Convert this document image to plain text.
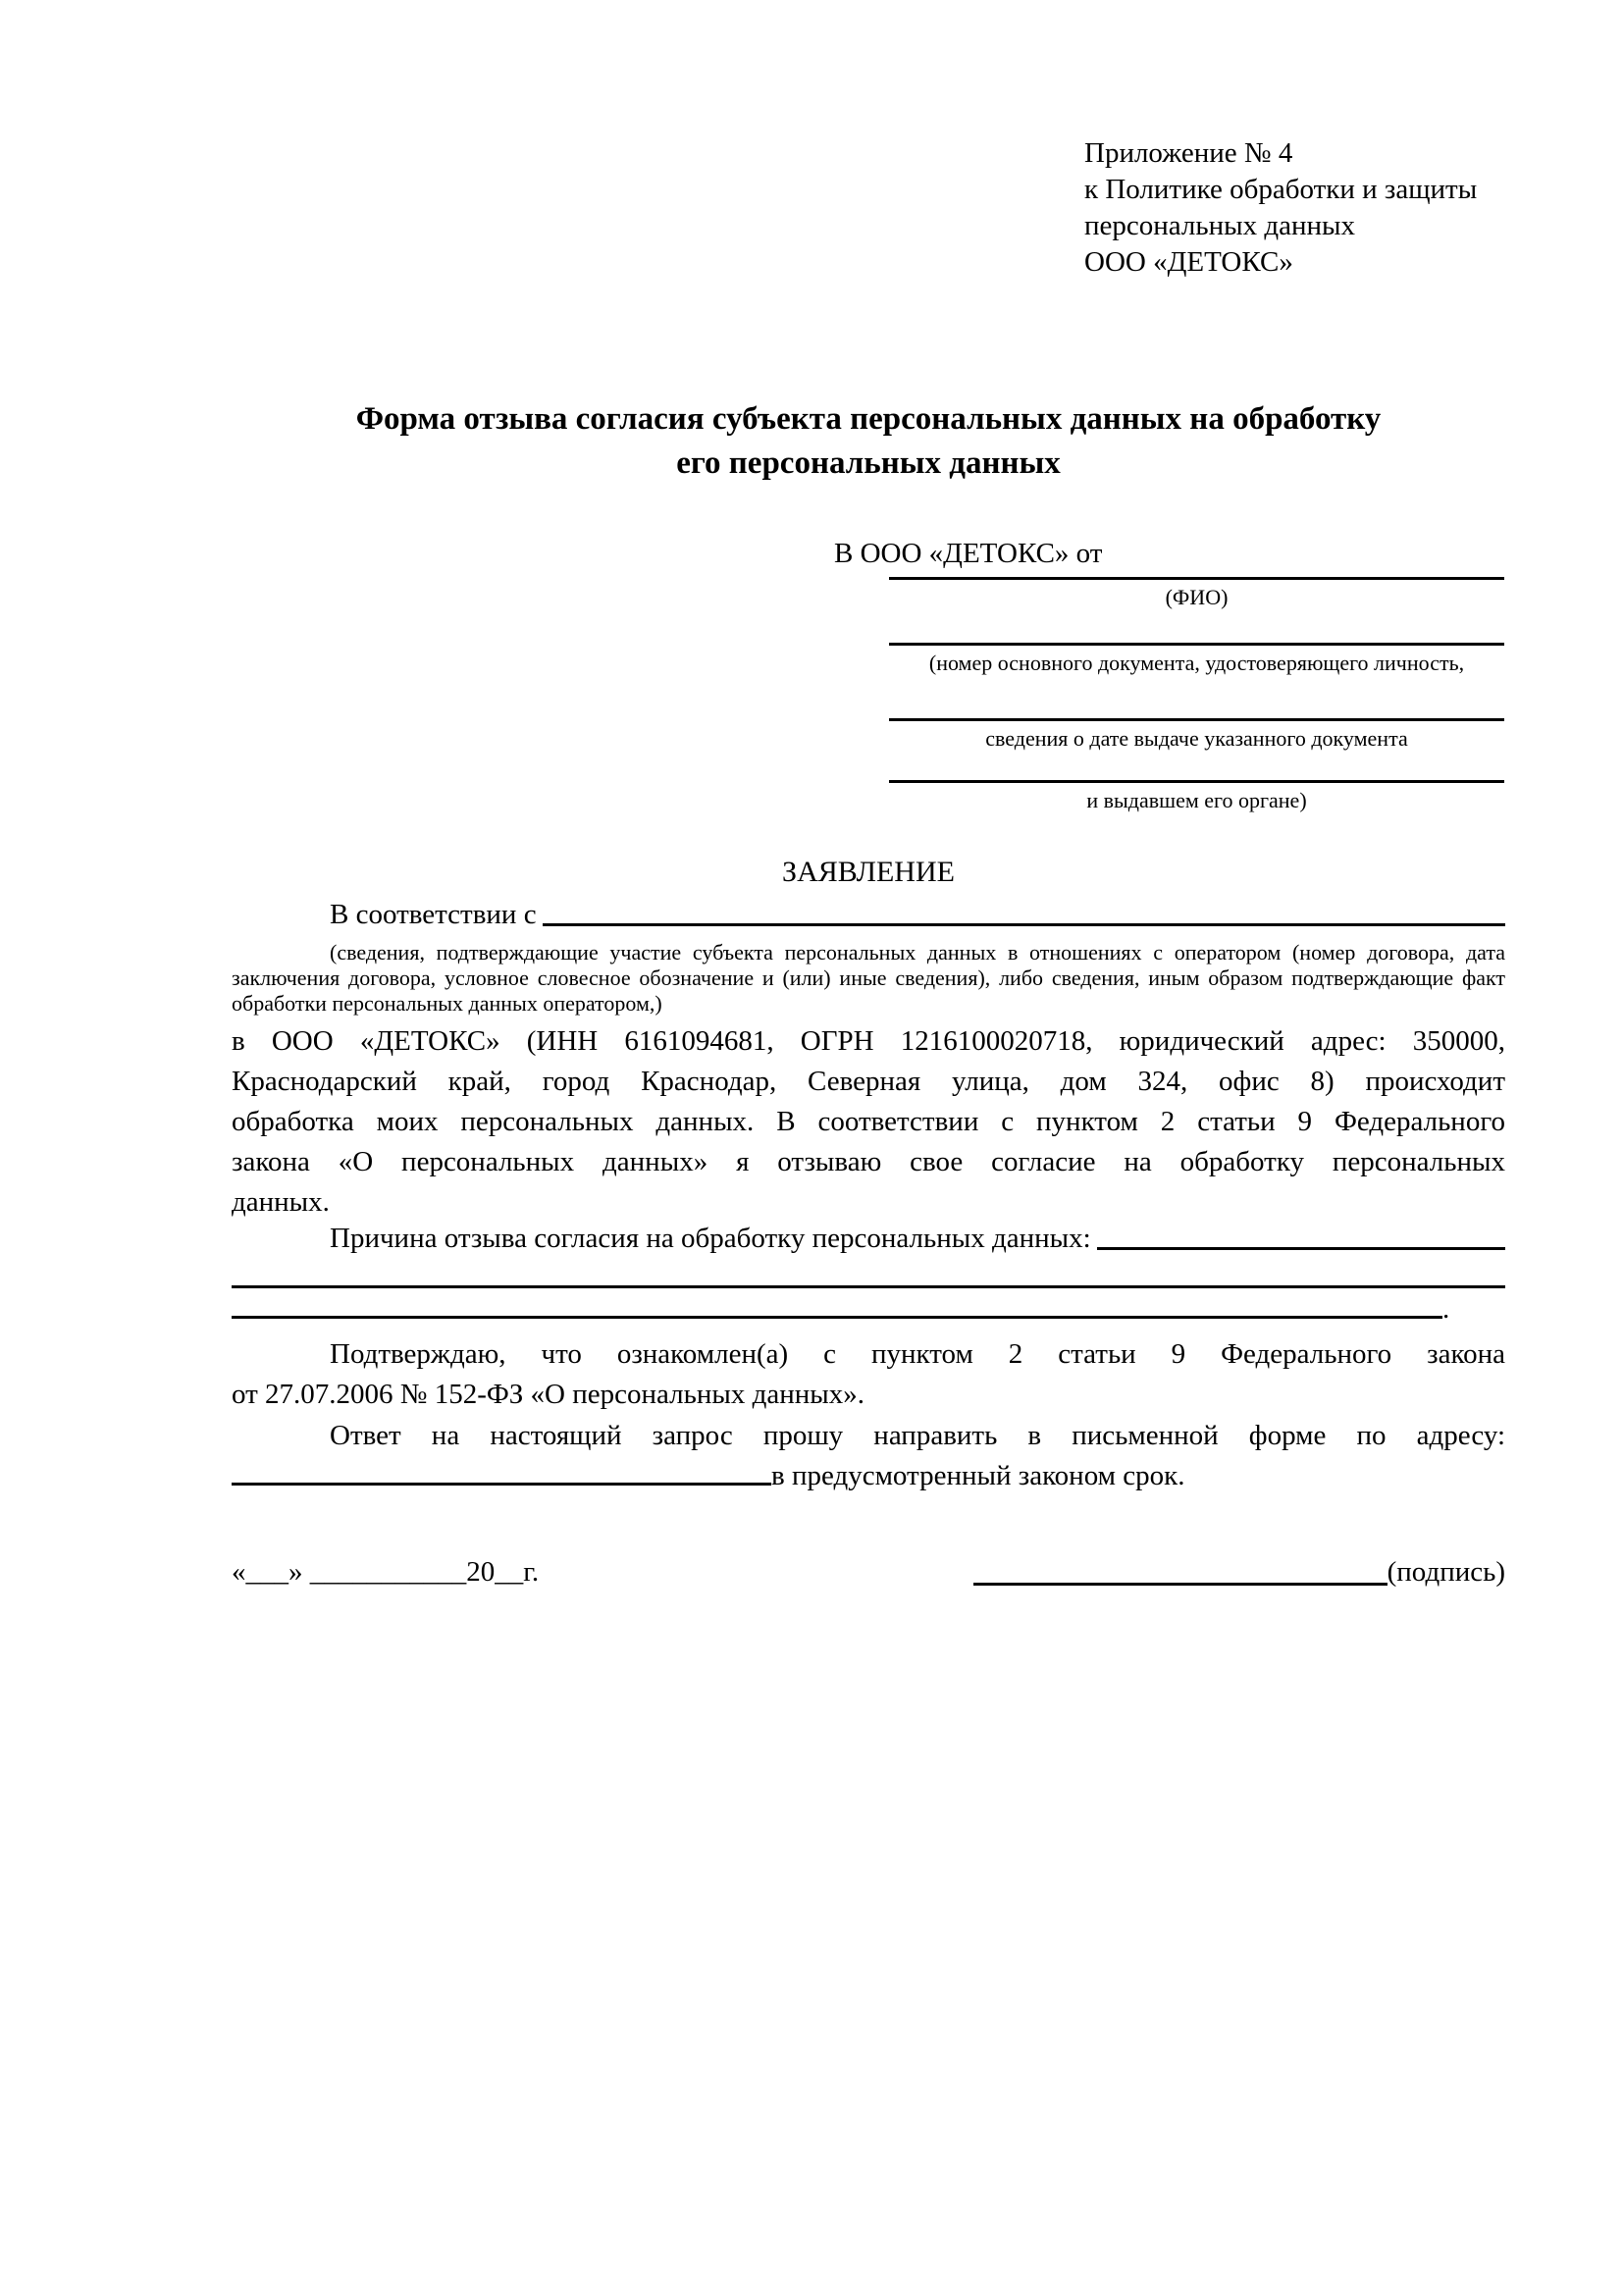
Приложение № 4
к Политике обработки и защиты
персональных данных
ООО «ДЕТОКС»
Форма отзыва согласия субъекта персональных данных на обработку
его персональных данных
В ООО «ДЕТОКС» от
(ФИО)
(номер основного документа, удостоверяющего личность,
сведения о дате выдаче указанного документа
и выдавшем его органе)
ЗАЯВЛЕНИЕ
В соответствии с
(сведения, подтверждающие участие субъекта персональных данных в отношениях с оператором (номер договора, дата
заключения договора, условное словесное обозначение и (или) иные сведения), либо сведения, иным образом подтверждающие факт
обработки персональных данных оператором,)
в ООО «ДЕТОКС» (ИНН 6161094681, ОГРН 1216100020718, юридический адрес: 350000,
Краснодарский край, город Краснодар, Северная улица, дом 324, офис 8) происходит
обработка моих персональных данных. В соответствии с пунктом 2 статьи 9 Федерального
закона «О персональных данных» я отзываю свое согласие на обработку персональных
данных.
Причина отзыва согласия на обработку персональных данных:
.
Подтверждаю, что ознакомлен(а) с пунктом 2 статьи 9 Федерального закона
от 27.07.2006 № 152-ФЗ «О персональных данных».
Ответ на настоящий запрос прошу направить в письменной форме по адресу:
в предусмотренный законом срок.
«___» ___________20__г.	(подпись)
